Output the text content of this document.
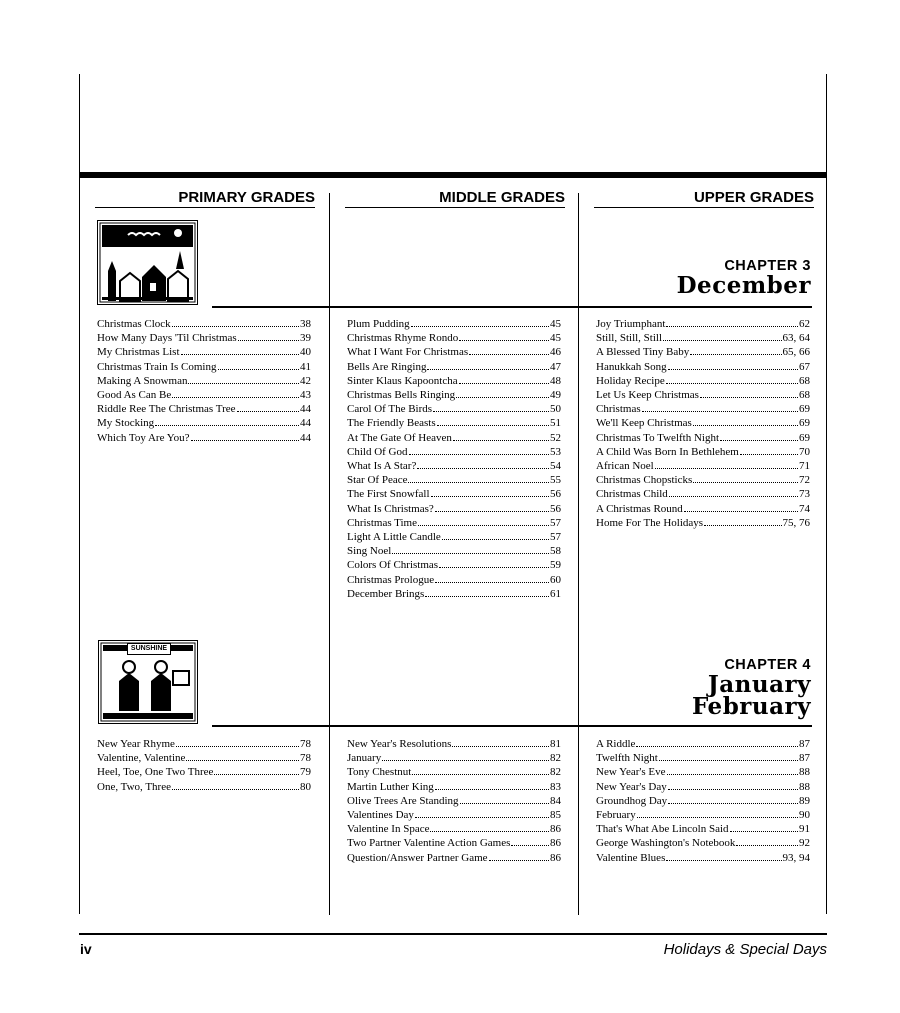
PRIMARY GRADES	MIDDLE GRADES	UPPER GRADES
CHAPTER 3
December
Christmas Clock	38
How Many Days 'Til Christmas	39
My Christmas List	40
Christmas Train Is Coming	41
Making A Snowman	42
Good As Can Be	43
Riddle Ree The Christmas Tree	44
My Stocking	44
Which Toy Are You?	44
Plum Pudding	45
Christmas Rhyme Rondo	45
What I Want For Christmas	46
Bells Are Ringing	47
Sinter Klaus Kapoontcha	48
Christmas Bells Ringing	49
Carol Of The Birds	50
The Friendly Beasts	51
At The Gate Of Heaven	52
Child Of God	53
What Is A Star?	54
Star Of Peace	55
The First Snowfall	56
What Is Christmas?	56
Christmas Time	57
Light A Little Candle	57
Sing Noel	58
Colors Of Christmas	59
Christmas Prologue	60
December Brings	61
Joy Triumphant	62
Still, Still, Still	63, 64
A Blessed Tiny Baby	65, 66
Hanukkah Song	67
Holiday Recipe	68
Let Us Keep Christmas	68
Christmas	69
We'll Keep Christmas	69
Christmas To Twelfth Night	69
A Child Was Born In Bethlehem	70
African Noel	71
Christmas Chopsticks	72
Christmas Child	73
A Christmas Round	74
Home For The Holidays	75, 76
SUNSHINE
CHAPTER 4
January
February
New Year Rhyme	78
Valentine, Valentine	78
Heel, Toe, One Two Three	79
One, Two, Three	80
New Year's Resolutions	81
January	82
Tony Chestnut	82
Martin Luther King	83
Olive Trees Are Standing	84
Valentines Day	85
Valentine In Space	86
Two Partner Valentine Action Games	86
Question/Answer Partner Game	86
A Riddle	87
Twelfth Night	87
New Year's Eve	88
New Year's Day	88
Groundhog Day	89
February	90
That's What Abe Lincoln Said	91
George Washington's Notebook	92
Valentine Blues	93, 94
iv	Holidays & Special Days
